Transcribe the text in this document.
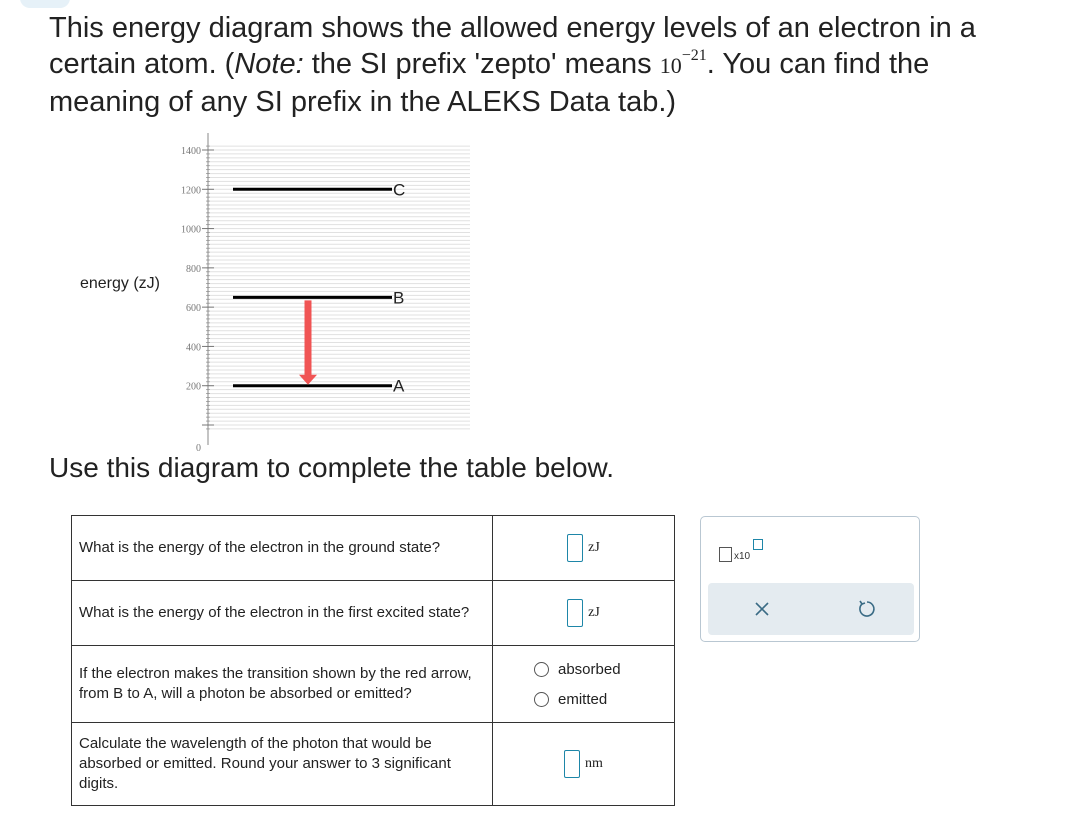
This energy diagram shows the allowed energy levels of an electron in a
certain atom. (Note: the SI prefix 'zepto' means $10^{-21}$. You can find the
meaning of any SI prefix in the ALEKS Data tab.)
1400
1200
1000
800
600
400
200
0
A
B
C
energy (zJ)
Use this diagram to complete the table below.
What is the energy of the electron in the ground state?	zJ

What is the energy of the electron in the first excited state?	zJ

If the electron makes the transition shown by the red arrow, from B to A, will a photon be absorbed or emitted?	absorbed
emitted

Calculate the wavelength of the photon that would be absorbed or emitted. Round your answer to 3 significant digits.	nm
x10
